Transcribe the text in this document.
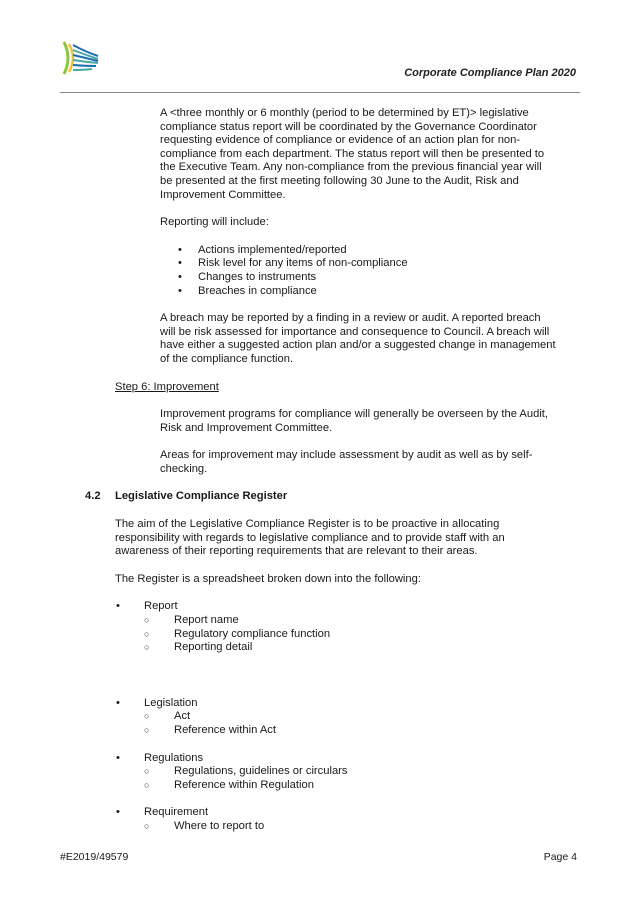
Corporate Compliance Plan 2020
A <three monthly or 6 monthly (period to be determined by ET)> legislative
compliance status report will be coordinated by the Governance Coordinator
requesting evidence of compliance or evidence of an action plan for non-
compliance from each department. The status report will then be presented to
the Executive Team. Any non-compliance from the previous financial year will
be presented at the first meeting following 30 June to the Audit, Risk and
Improvement Committee.
Reporting will include:
• Actions implemented/reported
• Risk level for any items of non-compliance
• Changes to instruments
• Breaches in compliance
A breach may be reported by a finding in a review or audit. A reported breach
will be risk assessed for importance and consequence to Council. A breach will
have either a suggested action plan and/or a suggested change in management
of the compliance function.
Step 6: Improvement
Improvement programs for compliance will generally be overseen by the Audit,
Risk and Improvement Committee.
Areas for improvement may include assessment by audit as well as by self-
checking.
4.2 Legislative Compliance Register
The aim of the Legislative Compliance Register is to be proactive in allocating
responsibility with regards to legislative compliance and to provide staff with an
awareness of their reporting requirements that are relevant to their areas.
The Register is a spreadsheet broken down into the following:
• Report
○ Report name
○ Regulatory compliance function
○ Reporting detail
• Legislation
○ Act
○ Reference within Act
• Regulations
○ Regulations, guidelines or circulars
○ Reference within Regulation
• Requirement
○ Where to report to
#E2019/49579	Page 4
